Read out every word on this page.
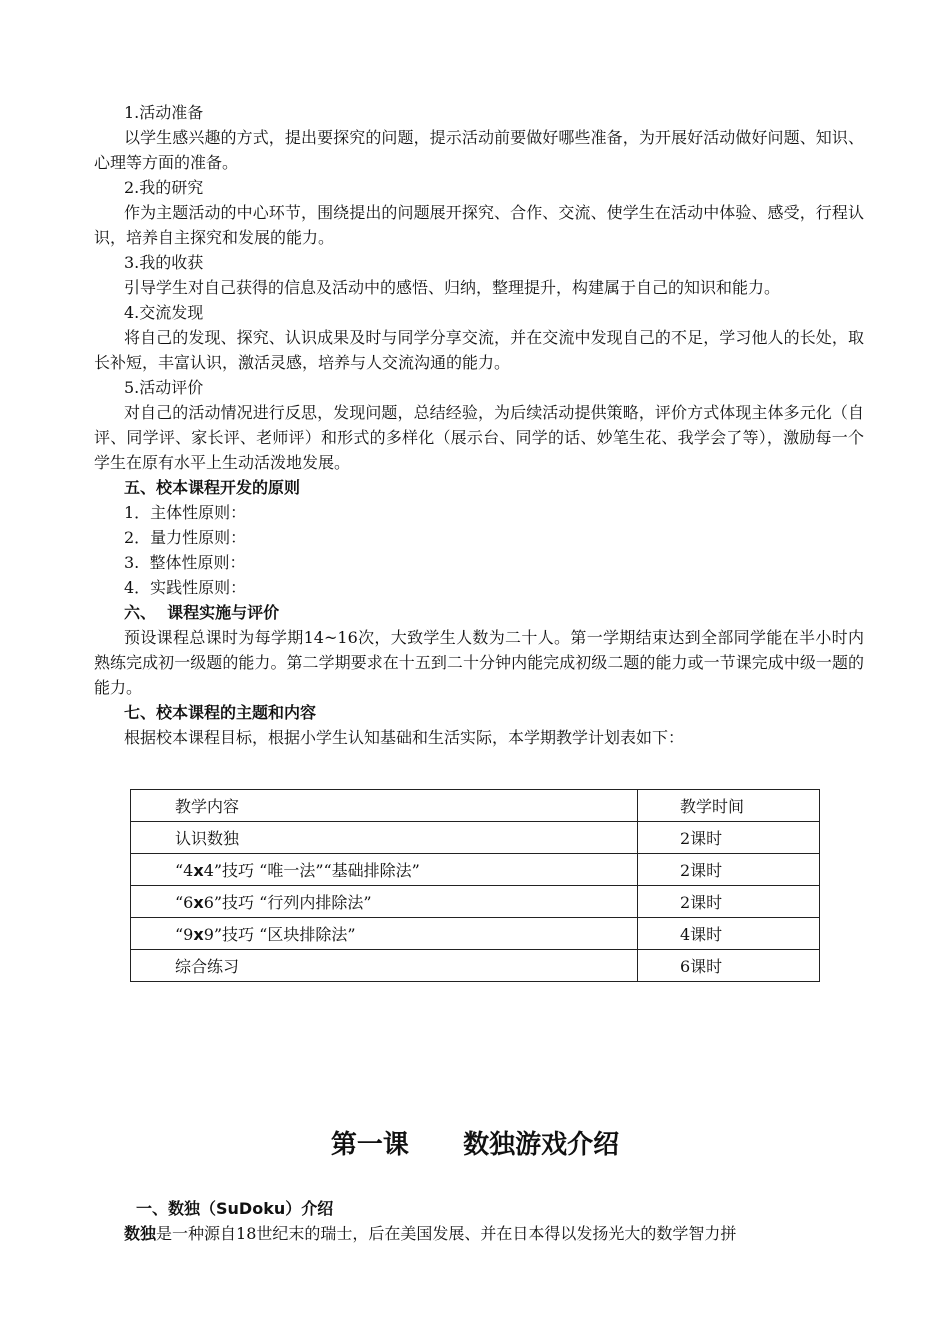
1.活动准备

以学生感兴趣的方式，提出要探究的问题，提示活动前要做好哪些准备，为开展好活动做好问题、知识、心理等方面的准备。

2.我的研究

作为主题活动的中心环节，围绕提出的问题展开探究、合作、交流、使学生在活动中体验、感受，行程认识，培养自主探究和发展的能力。

3.我的收获

引导学生对自己获得的信息及活动中的感悟、归纳，整理提升，构建属于自己的知识和能力。

4.交流发现

将自己的发现、探究、认识成果及时与同学分享交流，并在交流中发现自己的不足，学习他人的长处，取长补短，丰富认识，激活灵感，培养与人交流沟通的能力。

5.活动评价

对自己的活动情况进行反思，发现问题，总结经验，为后续活动提供策略，评价方式体现主体多元化（自评、同学评、家长评、老师评）和形式的多样化（展示台、同学的话、妙笔生花、我学会了等），激励每一个学生在原有水平上生动活泼地发展。

五、校本课程开发的原则

1．主体性原则：

2．量力性原则：

3.  整体性原则：

4．实践性原则：

六、  课程实施与评价

预设课程总课时为每学期14~16次，大致学生人数为二十人。第一学期结束达到全部同学能在半小时内熟练完成初一级题的能力。第二学期要求在十五到二十分钟内能完成初级二题的能力或一节课完成中级一题的能力。

七、校本课程的主题和内容

根据校本课程目标，根据小学生认知基础和生活实际，本学期教学计划表如下：

教学内容	教学时间
认识数独	2课时
“4x4”技巧 “唯一法”“基础排除法”	2课时
“6x6”技巧 “行列内排除法”	2课时
“9x9”技巧 “区块排除法”	4课时
综合练习	6课时
第一课      数独游戏介绍
一、数独（SuDoku）介绍

数独是一种源自18世纪末的瑞士，后在美国发展、并在日本得以发扬光大的数学智力拼
